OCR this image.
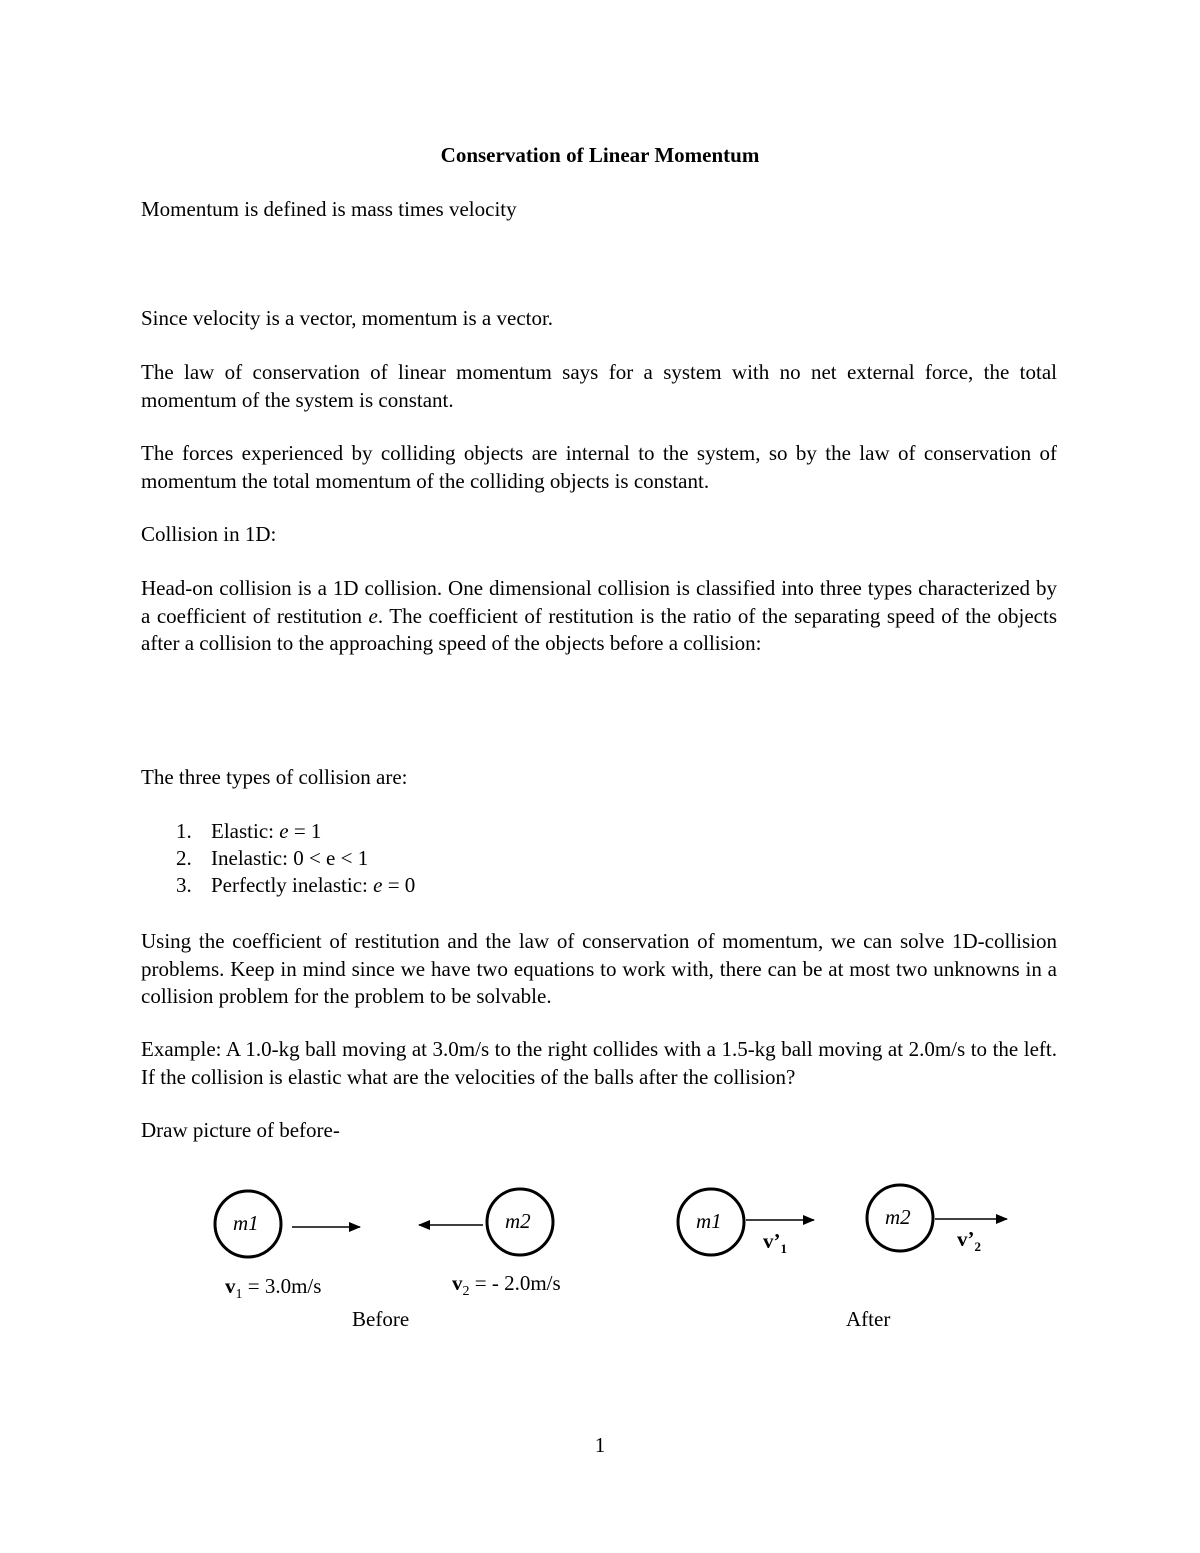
Conservation of Linear Momentum
Momentum is defined is mass times velocity
Since velocity is a vector, momentum is a vector.
The law of conservation of linear momentum says for a system with no net external force, the total momentum of the system is constant.
The forces experienced by colliding objects are internal to the system, so by the law of conservation of momentum the total momentum of the colliding objects is constant.
Collision in 1D:
Head-on collision is a 1D collision. One dimensional collision is classified into three types characterized by a coefficient of restitution e. The coefficient of restitution is the ratio of the separating speed of the objects after a collision to the approaching speed of the objects before a collision:
The three types of collision are:
1. Elastic: e = 1
2. Inelastic: 0 < e < 1
3. Perfectly inelastic: e = 0
Using the coefficient of restitution and the law of conservation of momentum, we can solve 1D-collision problems. Keep in mind since we have two equations to work with, there can be at most two unknowns in a collision problem for the problem to be solvable.
Example: A 1.0-kg ball moving at 3.0m/s to the right collides with a 1.5-kg ball moving at 2.0m/s to the left. If the collision is elastic what are the velocities of the balls after the collision?
Draw picture of before-
m1	m2	m1	m2
$v_1 = 3.0m/s$	$v_2$ = - 2.0m/s
$v’_1$	$v’_2$
Before	After
1
